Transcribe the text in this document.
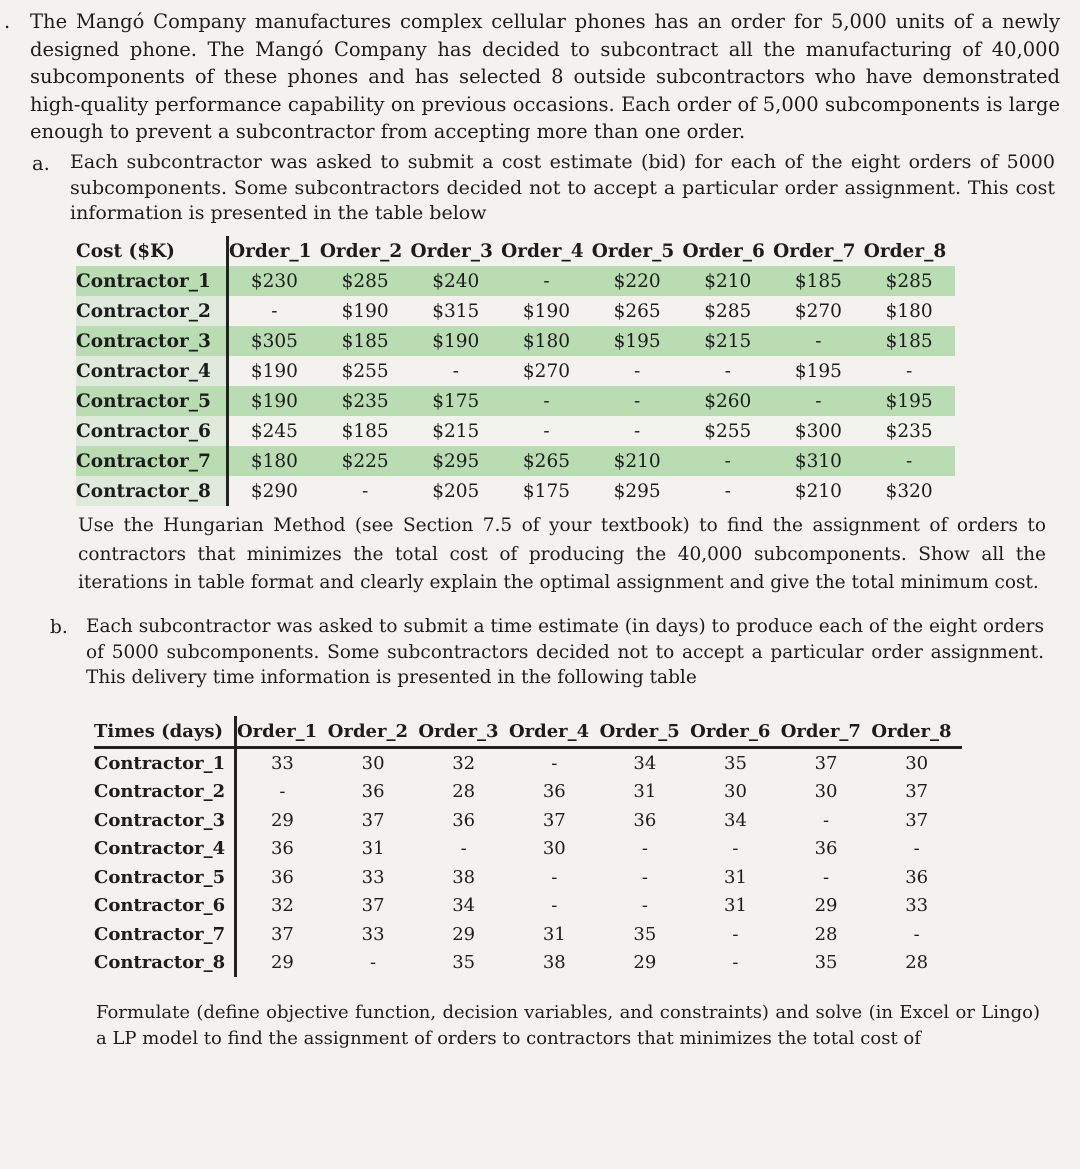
. The Mangó Company manufactures complex cellular phones has an order for 5,000 units of a newly designed phone. The Mangó Company has decided to subcontract all the manufacturing of 40,000 subcomponents of these phones and has selected 8 outside subcontractors who have demonstrated high-quality performance capability on previous occasions. Each order of 5,000 subcomponents is large enough to prevent a subcontractor from accepting more than one order.
a. Each subcontractor was asked to submit a cost estimate (bid) for each of the eight orders of 5000 subcomponents. Some subcontractors decided not to accept a particular order assignment. This cost information is presented in the table below
Cost ($K)	Order_1	Order_2	Order_3	Order_4	Order_5	Order_6	Order_7	Order_8
Contractor_1	$230	$285	$240	-	$220	$210	$185	$285
Contractor_2	-	$190	$315	$190	$265	$285	$270	$180
Contractor_3	$305	$185	$190	$180	$195	$215	-	$185
Contractor_4	$190	$255	-	$270	-	-	$195	-
Contractor_5	$190	$235	$175	-	-	$260	-	$195
Contractor_6	$245	$185	$215	-	-	$255	$300	$235
Contractor_7	$180	$225	$295	$265	$210	-	$310	-
Contractor_8	$290	-	$205	$175	$295	-	$210	$320
Use the Hungarian Method (see Section 7.5 of your textbook) to find the assignment of orders to contractors that minimizes the total cost of producing the 40,000 subcomponents. Show all the iterations in table format and clearly explain the optimal assignment and give the total minimum cost.
b. Each subcontractor was asked to submit a time estimate (in days) to produce each of the eight orders of 5000 subcomponents. Some subcontractors decided not to accept a particular order assignment. This delivery time information is presented in the following table
Times (days)	Order_1	Order_2	Order_3	Order_4	Order_5	Order_6	Order_7	Order_8
Contractor_1	33	30	32	-	34	35	37	30
Contractor_2	-	36	28	36	31	30	30	37
Contractor_3	29	37	36	37	36	34	-	37
Contractor_4	36	31	-	30	-	-	36	-
Contractor_5	36	33	38	-	-	31	-	36
Contractor_6	32	37	34	-	-	31	29	33
Contractor_7	37	33	29	31	35	-	28	-
Contractor_8	29	-	35	38	29	-	35	28
Formulate (define objective function, decision variables, and constraints) and solve (in Excel or Lingo) a LP model to find the assignment of orders to contractors that minimizes the total cost of
